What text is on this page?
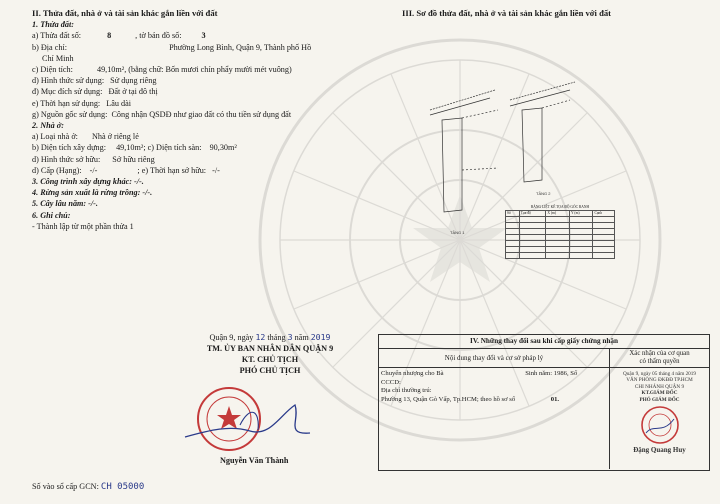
II. Thửa đất, nhà ở và tài sản khác gắn liền với đất
1. Thửa đất:
a) Thửa đất số:	8	, tờ bản đồ số: 3
b) Địa chỉ:	Phường Long Bình, Quận 9, Thành phố Hồ
Chí Minh
c) Diện tích:	49,10m², (bằng chữ: Bốn mươi chín phẩy mười mét vuông)
d) Hình thức sử dụng: Sử dụng riêng
đ) Mục đích sử dụng: Đất ở tại đô thị
e) Thời hạn sử dụng: Lâu dài
g) Nguồn gốc sử dụng: Công nhận QSDĐ như giao đất có thu tiền sử dụng đất
2. Nhà ở:
a) Loại nhà ở: Nhà ở riêng lẻ
b) Diện tích xây dựng: 49,10m²; c) Diện tích sàn: 90,30m²
d) Hình thức sở hữu: Sở hữu riêng
d) Cấp (Hạng): -/-	; e) Thời hạn sở hữu: -/-
3. Công trình xây dựng khác: -/-.
4. Rừng sản xuất là rừng trồng: -/-.
5. Cây lâu năm: -/-.
6. Ghi chú:
- Thành lập từ một phần thửa 1
III. Sơ đồ thửa đất, nhà ở và tài sản khác gắn liền với đất
TẦNG 1
TẦNG 2
BẢNG LIỆT KÊ TỌA ĐỘ GÓC RANH				
Số	Tọa độ	X (m)	Y (m)	Cạnh

Quận 9, ngày 12 tháng 3 năm 2019
TM. ỦY BAN NHÂN DÂN QUẬN 9
KT. CHỦ TỊCH
PHÓ CHỦ TỊCH
Nguyễn Văn Thành
Số vào sổ cấp GCN: CH 05000
IV. Những thay đổi sau khi cấp giấy chứng nhận
Nội dung thay đổi và cơ sở pháp lý
Xác nhận của cơ quan
có thẩm quyền
Chuyển nhượng cho Bà	Sinh năm: 1986, Số
CCCD:
Địa chỉ thường trú:
Phường 13, Quận Gò Vấp, Tp.HCM; theo hồ sơ số	01.
Quận 9, ngày 05 tháng 4 năm 2019
VĂN PHÒNG ĐKĐĐ TP.HCM
CHI NHÁNH QUẬN 9
KT.GIÁM ĐỐC
PHÓ GIÁM ĐỐC
Đặng Quang Huy
